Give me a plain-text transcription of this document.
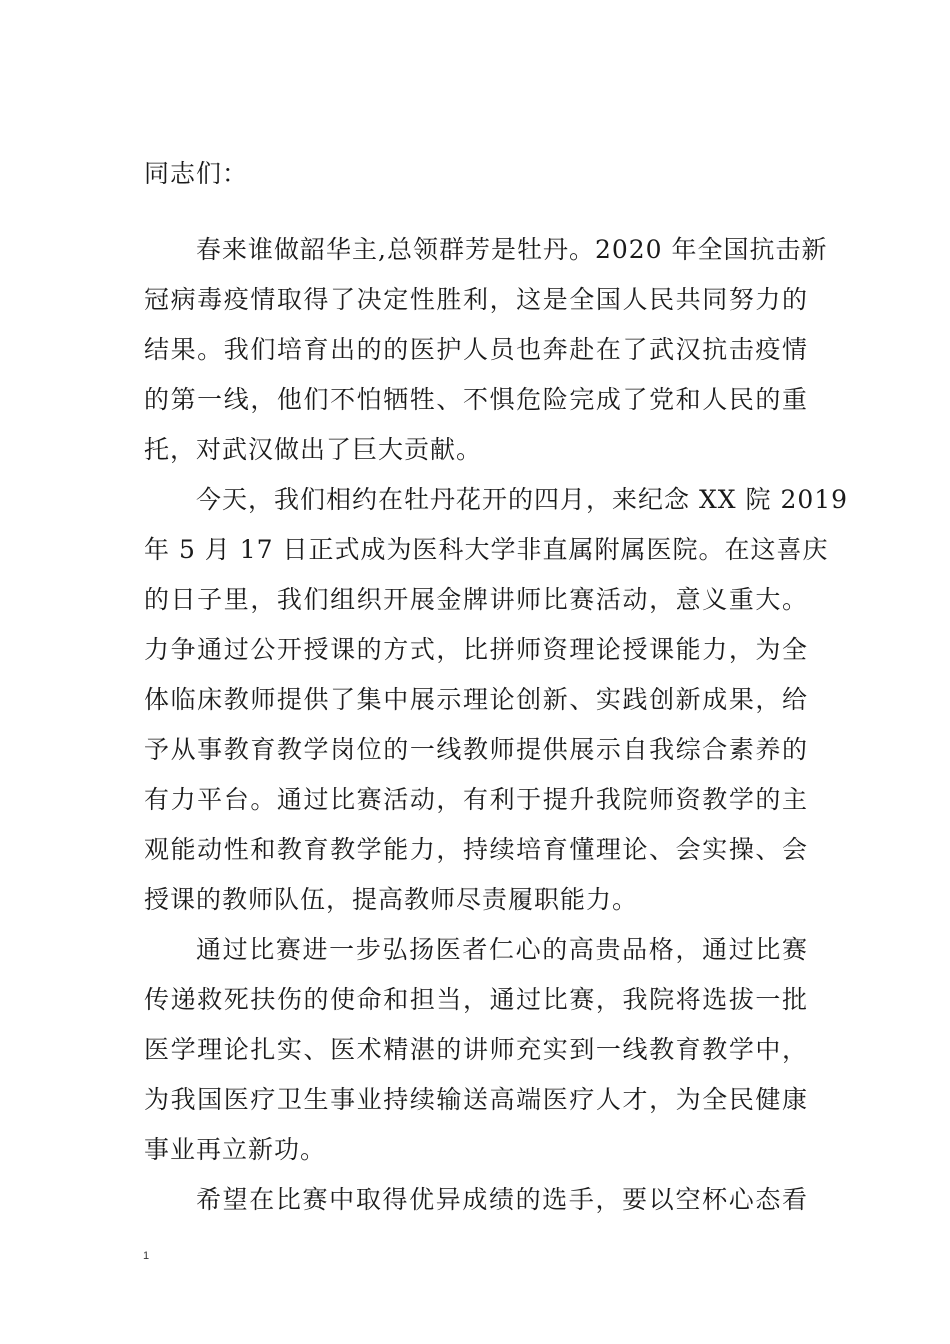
同志们：
春来谁做韶华主,总领群芳是牡丹。2020 年全国抗击新
冠病毒疫情取得了决定性胜利，这是全国人民共同努力的
结果。我们培育出的的医护人员也奔赴在了武汉抗击疫情
的第一线，他们不怕牺牲、不惧危险完成了党和人民的重
托，对武汉做出了巨大贡献。
今天，我们相约在牡丹花开的四月，来纪念 XX 院 2019
年 5 月 17 日正式成为医科大学非直属附属医院。在这喜庆
的日子里，我们组织开展金牌讲师比赛活动，意义重大。
力争通过公开授课的方式，比拼师资理论授课能力，为全
体临床教师提供了集中展示理论创新、实践创新成果，给
予从事教育教学岗位的一线教师提供展示自我综合素养的
有力平台。通过比赛活动，有利于提升我院师资教学的主
观能动性和教育教学能力，持续培育懂理论、会实操、会
授课的教师队伍，提高教师尽责履职能力。
通过比赛进一步弘扬医者仁心的高贵品格，通过比赛
传递救死扶伤的使命和担当，通过比赛，我院将选拔一批
医学理论扎实、医术精湛的讲师充实到一线教育教学中，
为我国医疗卫生事业持续输送高端医疗人才，为全民健康
事业再立新功。
希望在比赛中取得优异成绩的选手，要以空杯心态看
1
